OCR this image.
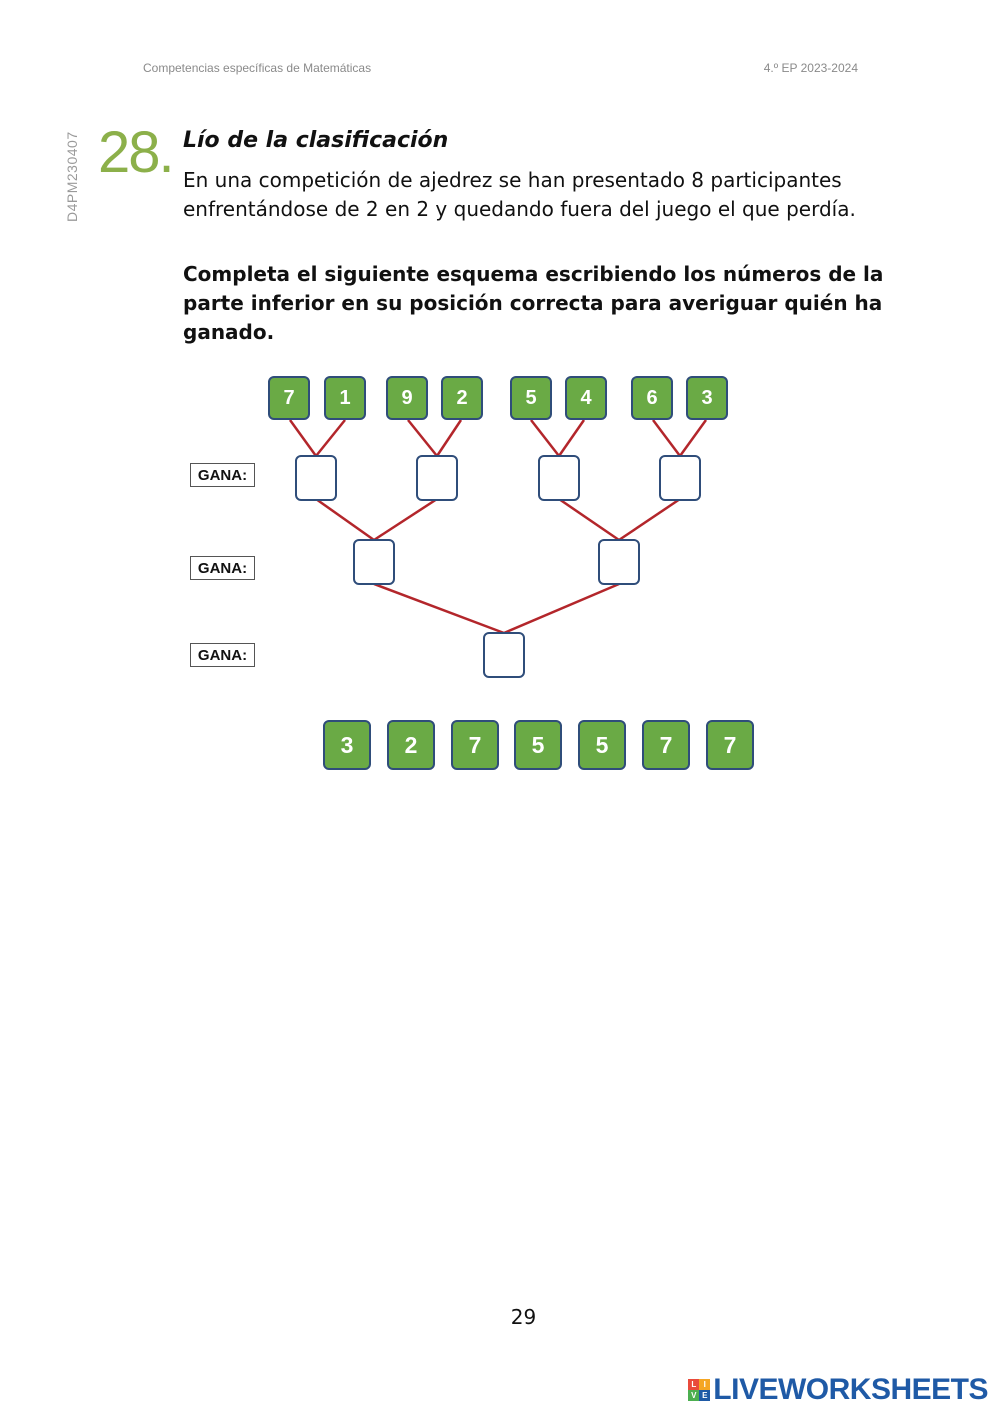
Competencias específicas de Matemáticas	4.º EP 2023-2024
D4PM230407 28. Lío de la clasificación

En una competición de ajedrez se han presentado 8 participantes enfrentándose de 2 en 2 y quedando fuera del juego el que perdía.

Completa el siguiente esquema escribiendo los números de la parte inferior en su posición correcta para averiguar quién ha ganado.

GANA:
GANA:
GANA:
7	1	9	2	5	4	6	3
3	2	7	5	5	7	7
29
L I
V E LIVEWORKSHEETS
